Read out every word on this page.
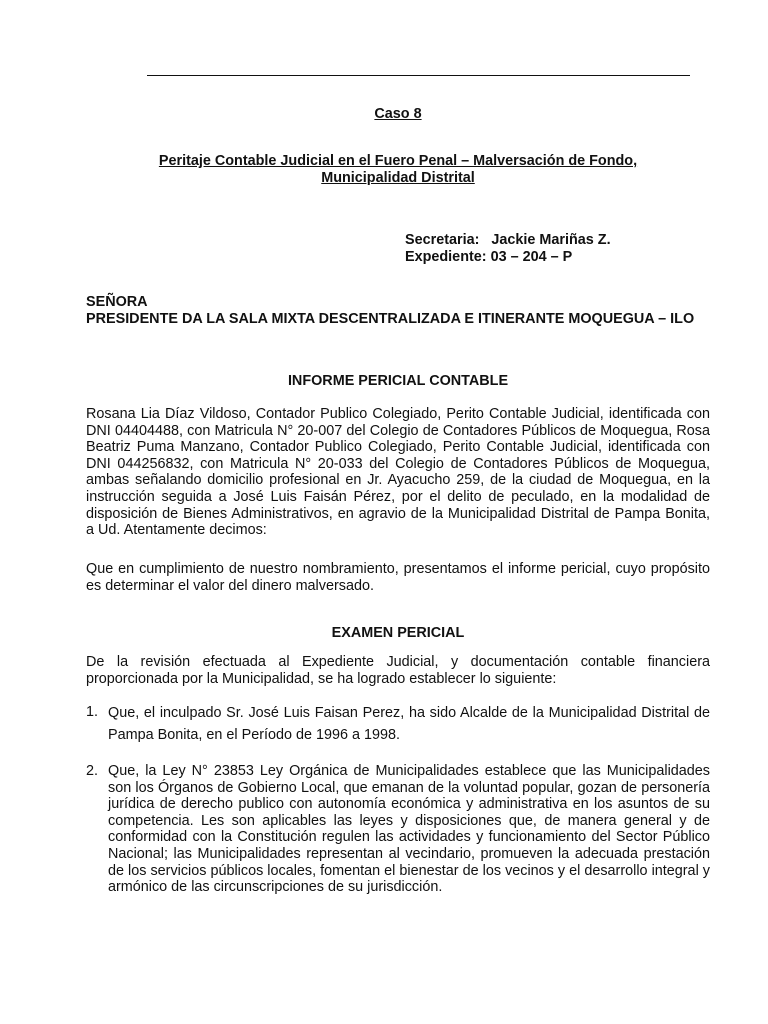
Caso 8
Peritaje Contable Judicial en el Fuero Penal – Malversación de Fondo,
Municipalidad Distrital
Secretaria:   Jackie Mariñas Z.
Expediente: 03 – 204 – P
SEÑORA
PRESIDENTE DA LA SALA MIXTA DESCENTRALIZADA E ITINERANTE MOQUEGUA – ILO
INFORME PERICIAL CONTABLE
Rosana Lia Díaz Vildoso, Contador Publico Colegiado, Perito Contable Judicial, identificada con DNI 04404488, con Matricula N° 20-007 del Colegio de Contadores Públicos de Moquegua, Rosa Beatriz Puma Manzano, Contador Publico Colegiado, Perito Contable Judicial, identificada con DNI 044256832, con Matricula N° 20-033 del Colegio de Contadores Públicos de Moquegua, ambas señalando domicilio profesional en Jr. Ayacucho 259, de la ciudad de Moquegua, en la instrucción seguida a José Luis Faisán Pérez, por el delito de peculado, en la modalidad de disposición de Bienes Administrativos, en agravio de la Municipalidad Distrital de Pampa Bonita, a Ud. Atentamente decimos:
Que en cumplimiento de nuestro nombramiento, presentamos el informe pericial, cuyo propósito es determinar el valor del dinero malversado.
EXAMEN PERICIAL
De la revisión efectuada al Expediente Judicial, y documentación contable financiera proporcionada por la Municipalidad, se ha logrado establecer lo siguiente:
1. Que, el inculpado Sr. José Luis Faisan Perez, ha sido Alcalde de la Municipalidad Distrital de Pampa Bonita, en el Período de 1996 a 1998.
2. Que, la Ley N° 23853 Ley Orgánica de Municipalidades establece que las Municipalidades son los Órganos de Gobierno Local, que emanan de la voluntad popular, gozan de personería jurídica de derecho publico con autonomía económica y administrativa en los asuntos de su competencia. Les son aplicables las leyes y disposiciones que, de manera general y de conformidad con la Constitución regulen las actividades y funcionamiento del Sector Público Nacional; las Municipalidades representan al vecindario, promueven la adecuada prestación de los servicios públicos locales, fomentan el bienestar de los vecinos y el desarrollo integral y armónico de las circunscripciones de su jurisdicción.
